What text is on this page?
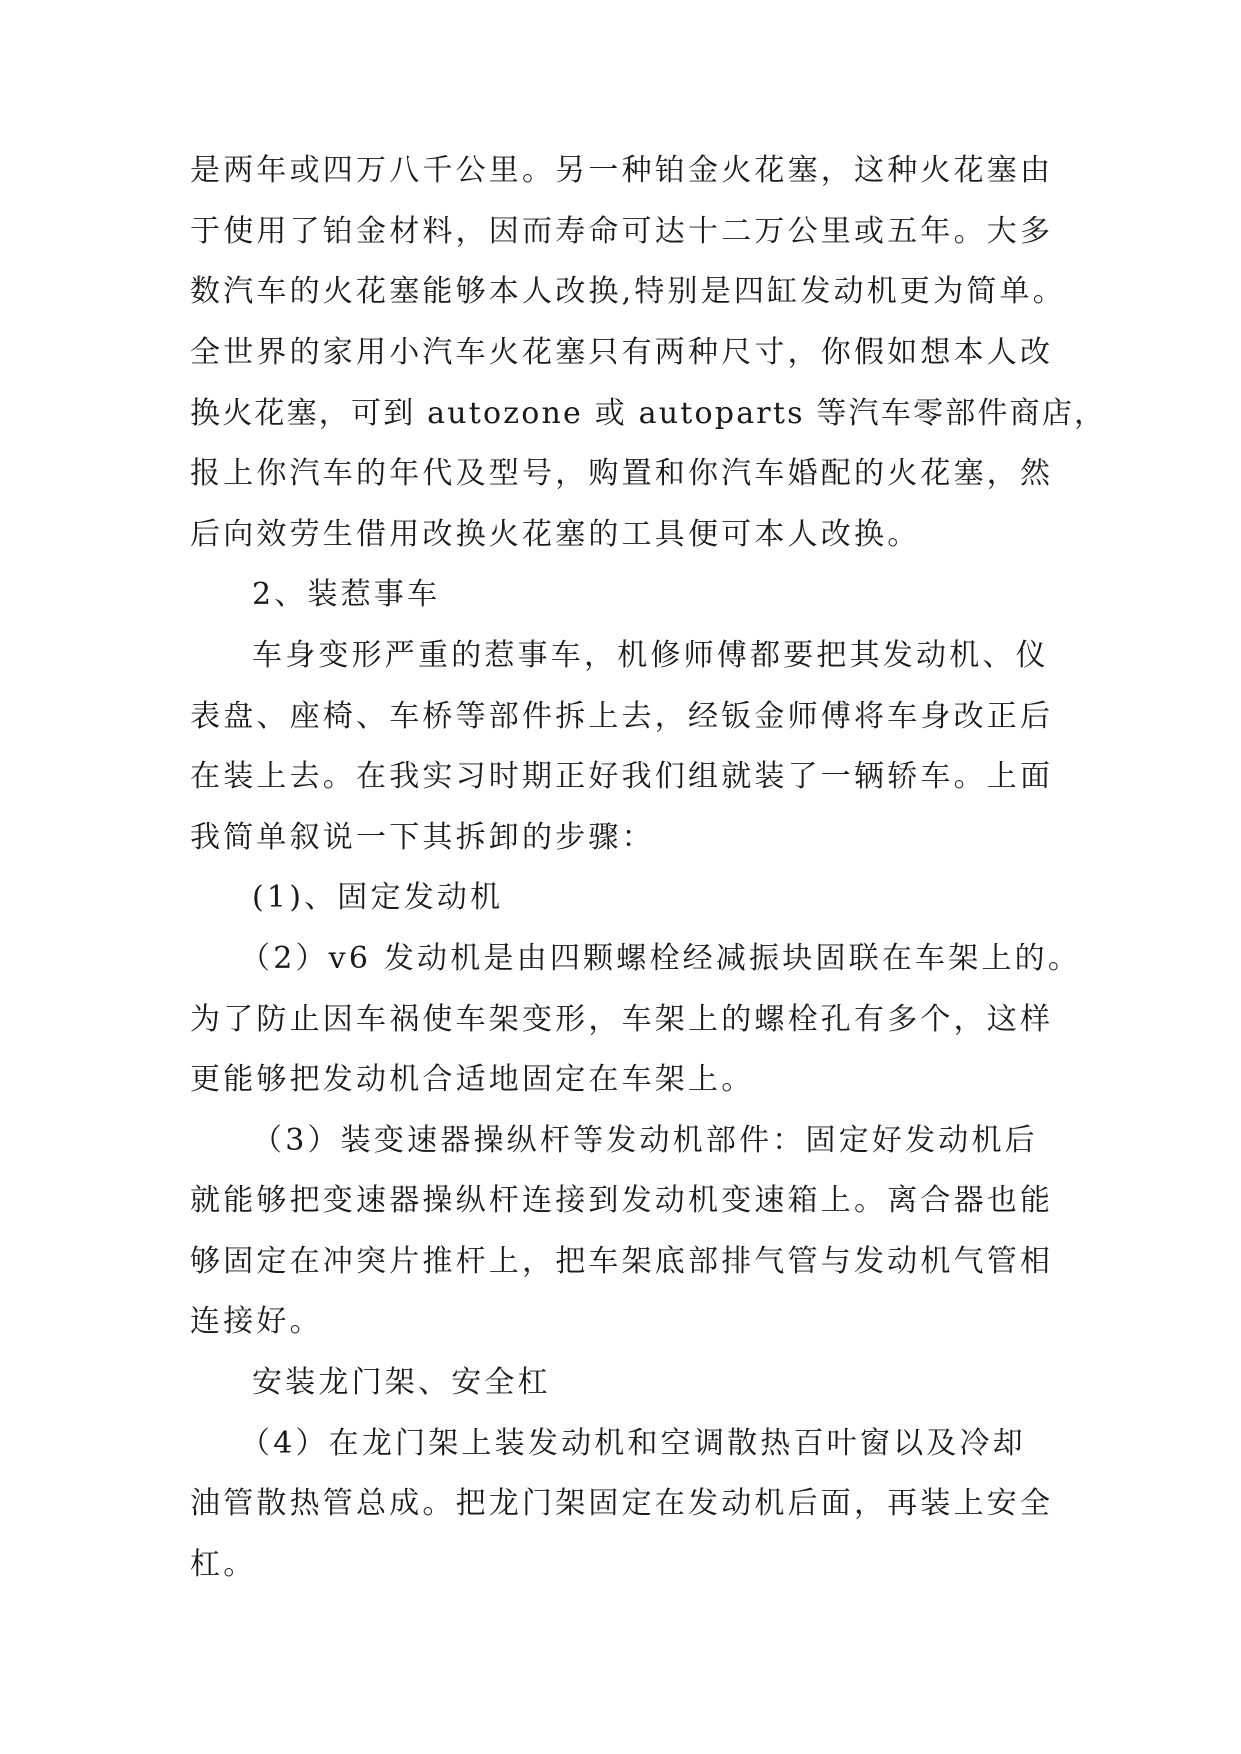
是两年或四万八千公里。另一种铂金火花塞，这种火花塞由
于使用了铂金材料，因而寿命可达十二万公里或五年。大多
数汽车的火花塞能够本人改换,特别是四缸发动机更为简单。
全世界的家用小汽车火花塞只有两种尺寸，你假如想本人改
换火花塞，可到 autozone 或 autoparts 等汽车零部件商店，
报上你汽车的年代及型号，购置和你汽车婚配的火花塞，然
后向效劳生借用改换火花塞的工具便可本人改换。
2、装惹事车
车身变形严重的惹事车，机修师傅都要把其发动机、仪
表盘、座椅、车桥等部件拆上去，经钣金师傅将车身改正后
在装上去。在我实习时期正好我们组就装了一辆轿车。上面
我简单叙说一下其拆卸的步骤：
(1)、固定发动机
（2）v6 发动机是由四颗螺栓经减振块固联在车架上的。
为了防止因车祸使车架变形，车架上的螺栓孔有多个，这样
更能够把发动机合适地固定在车架上。
（3）装变速器操纵杆等发动机部件：固定好发动机后
就能够把变速器操纵杆连接到发动机变速箱上。离合器也能
够固定在冲突片推杆上，把车架底部排气管与发动机气管相
连接好。
安装龙门架、安全杠
（4）在龙门架上装发动机和空调散热百叶窗以及冷却
油管散热管总成。把龙门架固定在发动机后面，再装上安全
杠。
